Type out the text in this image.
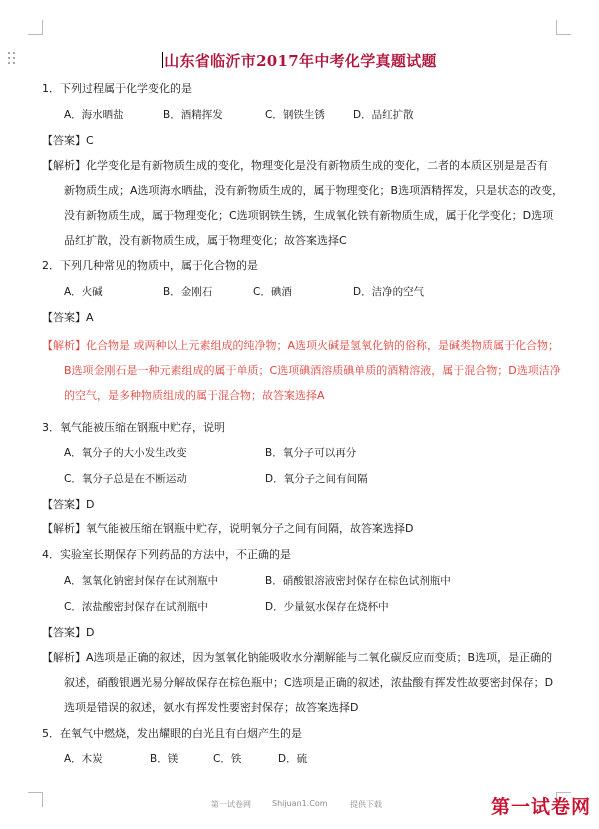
山东省临沂市2017年中考化学真题试题
1．下列过程属于化学变化的是
A．海水晒盐	B．酒精挥发	C．钢铁生锈	D．品红扩散
【答案】C
【解析】化学变化是有新物质生成的变化，物理变化是没有新物质生成的变化，二者的本质区别是是否有
新物质生成；A选项海水晒盐，没有新物质生成的，属于物理变化；B选项酒精挥发，只是状态的改变，
没有新物质生成，属于物理变化；C选项钢铁生锈，生成氧化铁有新物质生成，属于化学变化；D选项
品红扩散，没有新物质生成，属于物理变化；故答案选择C
2．下列几种常见的物质中，属于化合物的是
A．火碱	B．金刚石	C．碘酒	D．洁净的空气
【答案】A
【解析】化合物是 或两种以上元素组成的纯净物；A选项火碱是氢氧化钠的俗称，是碱类物质属于化合物；
B选项金刚石是一种元素组成的属于单质；C选项碘酒溶质碘单质的酒精溶液，属于混合物；D选项洁净
的空气，是多种物质组成的属于混合物；故答案选择A
3．氧气能被压缩在钢瓶中贮存，说明
A．氧分子的大小发生改变	B．氧分子可以再分
C．氧分子总是在不断运动	D．氧分子之间有间隔
【答案】D
【解析】氧气能被压缩在钢瓶中贮存，说明氧分子之间有间隔，故答案选择D
4．实验室长期保存下列药品的方法中，不正确的是
A．氢氧化钠密封保存在试剂瓶中	B．硝酸银溶液密封保存在棕色试剂瓶中
C．浓盐酸密封保存在试剂瓶中	D．少量氨水保存在烧杯中
【答案】D
【解析】A选项是正确的叙述，因为氢氧化钠能吸收水分潮解能与二氧化碳反应而变质；B选项，是正确的
叙述，硝酸银遇光易分解故保存在棕色瓶中；C选项是正确的叙述，浓盐酸有挥发性故要密封保存；D
选项是错误的叙述，氨水有挥发性要密封保存；故答案选择D
5．在氧气中燃烧，发出耀眼的白光且有白烟产生的是
A．木炭	B．镁	C．铁	D．硫
第一试卷网	Shijuan1.Com	提供下载	第一试卷网
